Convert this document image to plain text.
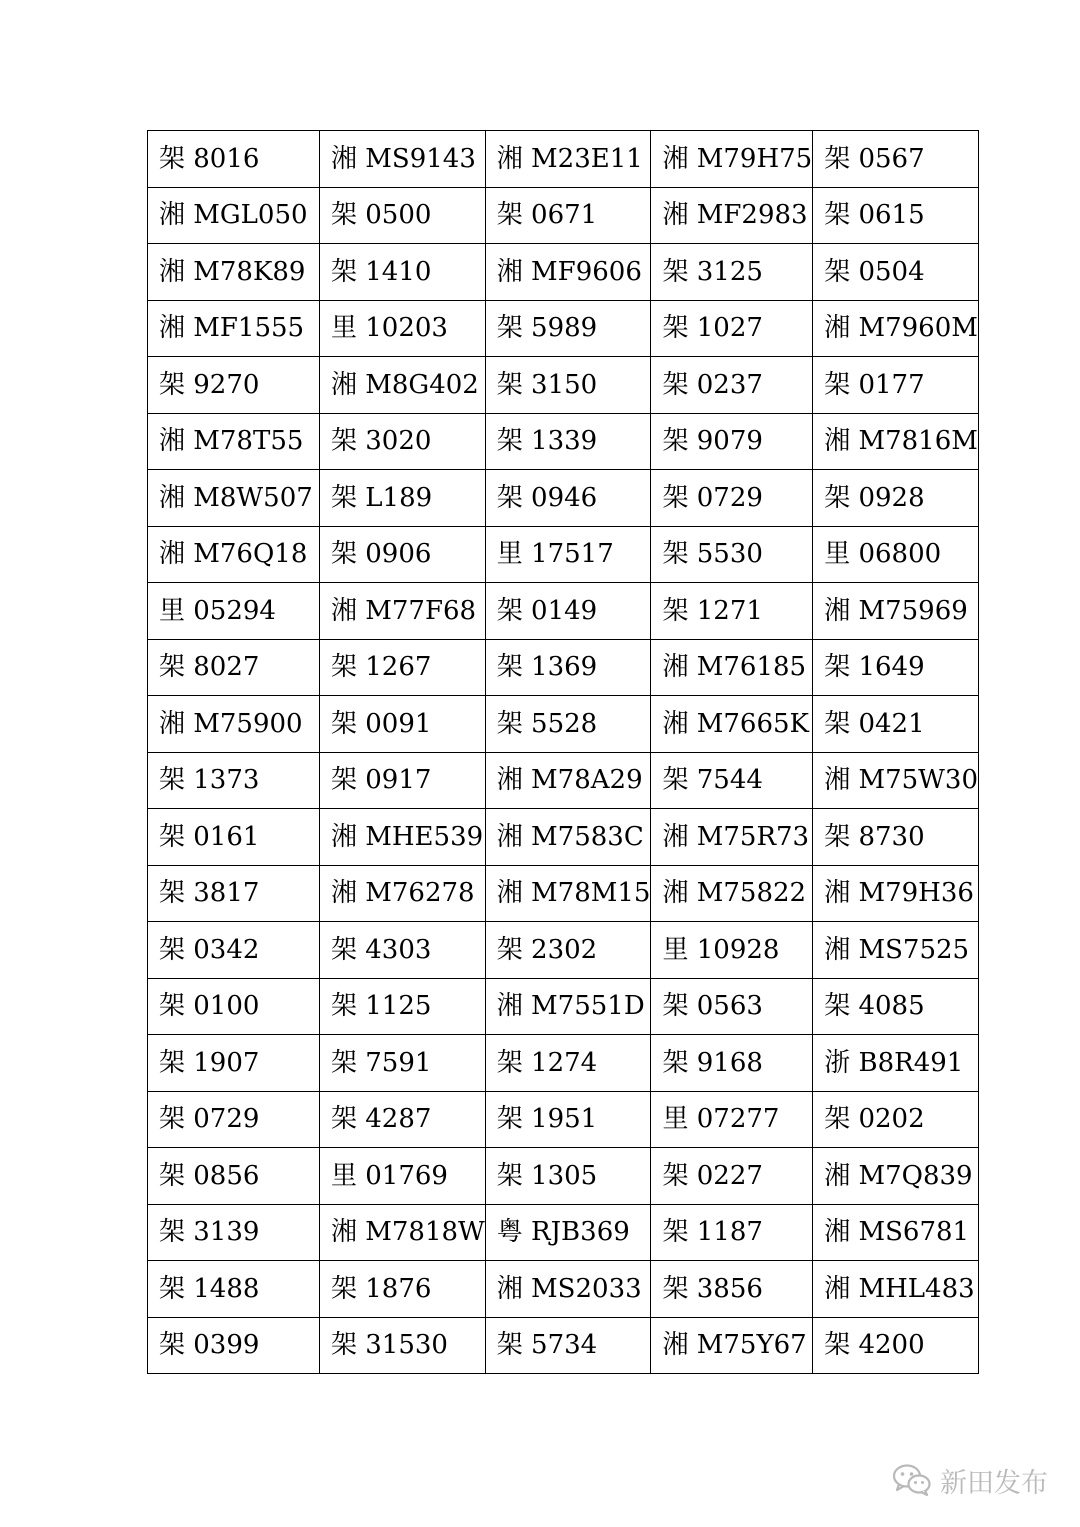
架 8016	湘 MS9143	湘 M23E11	湘 M79H75	架 0567
湘 MGL050	架 0500	架 0671	湘 MF2983	架 0615
湘 M78K89	架 1410	湘 MF9606	架 3125	架 0504
湘 MF1555	里 10203	架 5989	架 1027	湘 M7960M
架 9270	湘 M8G402	架 3150	架 0237	架 0177
湘 M78T55	架 3020	架 1339	架 9079	湘 M7816M
湘 M8W507	架 L189	架 0946	架 0729	架 0928
湘 M76Q18	架 0906	里 17517	架 5530	里 06800
里 05294	湘 M77F68	架 0149	架 1271	湘 M75969
架 8027	架 1267	架 1369	湘 M76185	架 1649
湘 M75900	架 0091	架 5528	湘 M7665K	架 0421
架 1373	架 0917	湘 M78A29	架 7544	湘 M75W30
架 0161	湘 MHE539	湘 M7583C	湘 M75R73	架 8730
架 3817	湘 M76278	湘 M78M15	湘 M75822	湘 M79H36
架 0342	架 4303	架 2302	里 10928	湘 MS7525
架 0100	架 1125	湘 M7551D	架 0563	架 4085
架 1907	架 7591	架 1274	架 9168	浙 B8R491
架 0729	架 4287	架 1951	里 07277	架 0202
架 0856	里 01769	架 1305	架 0227	湘 M7Q839
架 3139	湘 M7818W	粤 RJB369	架 1187	湘 MS6781
架 1488	架 1876	湘 MS2033	架 3856	湘 MHL483
架 0399	架 31530	架 5734	湘 M75Y67	架 4200
新田发布
